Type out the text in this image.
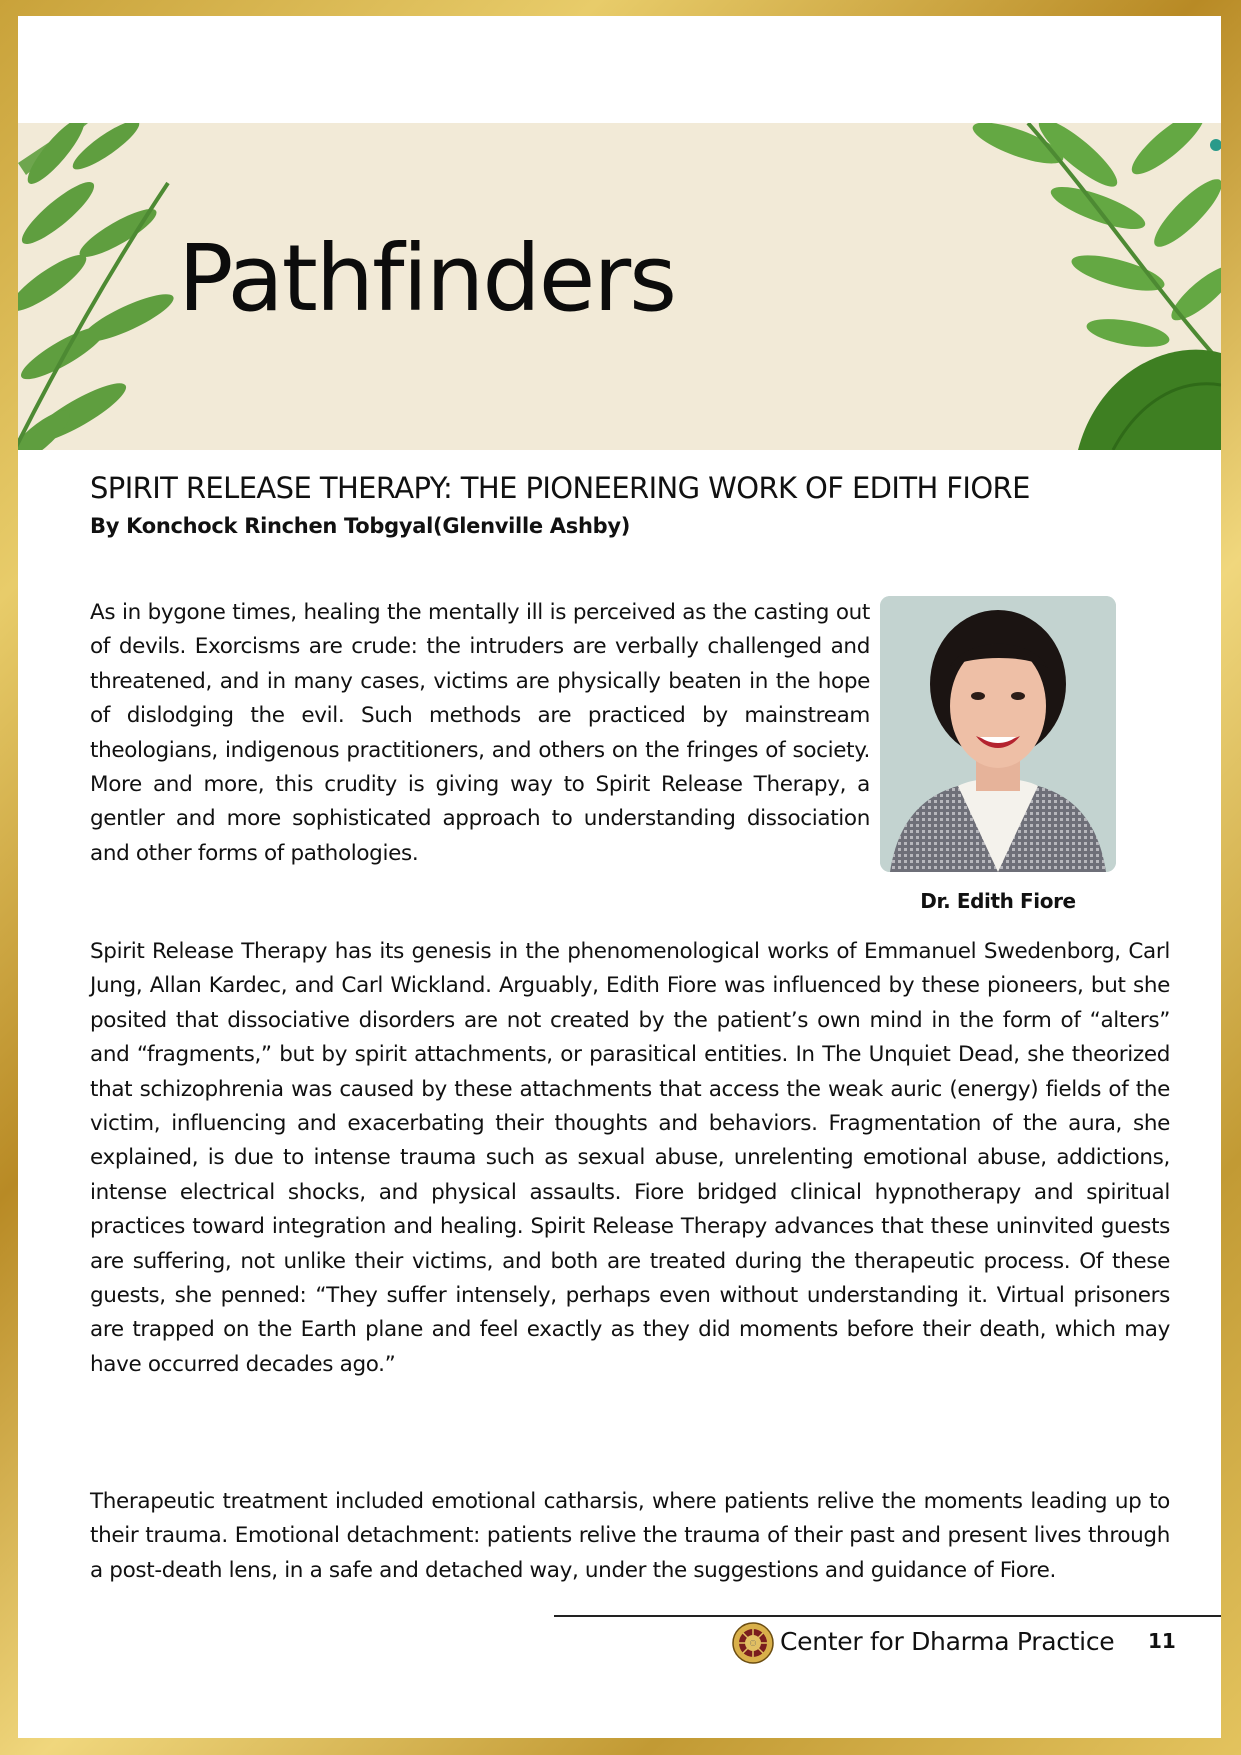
Pathfinders
SPIRIT RELEASE THERAPY: THE PIONEERING WORK OF EDITH FIORE
By Konchock Rinchen Tobgyal(Glenville Ashby)
As in bygone times, healing the mentally ill is perceived as the casting out of devils. Exorcisms are crude: the intruders are verbally challenged and threatened, and in many cases, victims are physically beaten in the hope of dislodging the evil. Such methods are practiced by mainstream theologians, indigenous practitioners, and others on the fringes of society. More and more, this crudity is giving way to Spirit Release Therapy, a gentler and more sophisticated approach to understanding dissociation and other forms of pathologies.
Dr. Edith Fiore
Spirit Release Therapy has its genesis in the phenomenological works of Emmanuel Swedenborg, Carl Jung, Allan Kardec, and Carl Wickland. Arguably, Edith Fiore was influenced by these pioneers, but she posited that dissociative disorders are not created by the patient’s own mind in the form of “alters” and “fragments,” but by spirit attachments, or parasitical entities. In The Unquiet Dead, she theorized that schizophrenia was caused by these attachments that access the weak auric (energy) fields of the victim, influencing and exacerbating their thoughts and behaviors. Fragmentation of the aura, she explained, is due to intense trauma such as sexual abuse, unrelenting emotional abuse, addictions, intense electrical shocks, and physical assaults. Fiore bridged clinical hypnotherapy and spiritual practices toward integration and healing. Spirit Release Therapy advances that these uninvited guests are suffering, not unlike their victims, and both are treated during the therapeutic process. Of these guests, she penned: “They suffer intensely, perhaps even without understanding it. Virtual prisoners are trapped on the Earth plane and feel exactly as they did moments before their death, which may have occurred decades ago.”
Therapeutic treatment included emotional catharsis, where patients relive the moments leading up to their trauma. Emotional detachment: patients relive the trauma of their past and present lives through a post-death lens, in a safe and detached way, under the suggestions and guidance of Fiore.
Center for Dharma Practice 11
